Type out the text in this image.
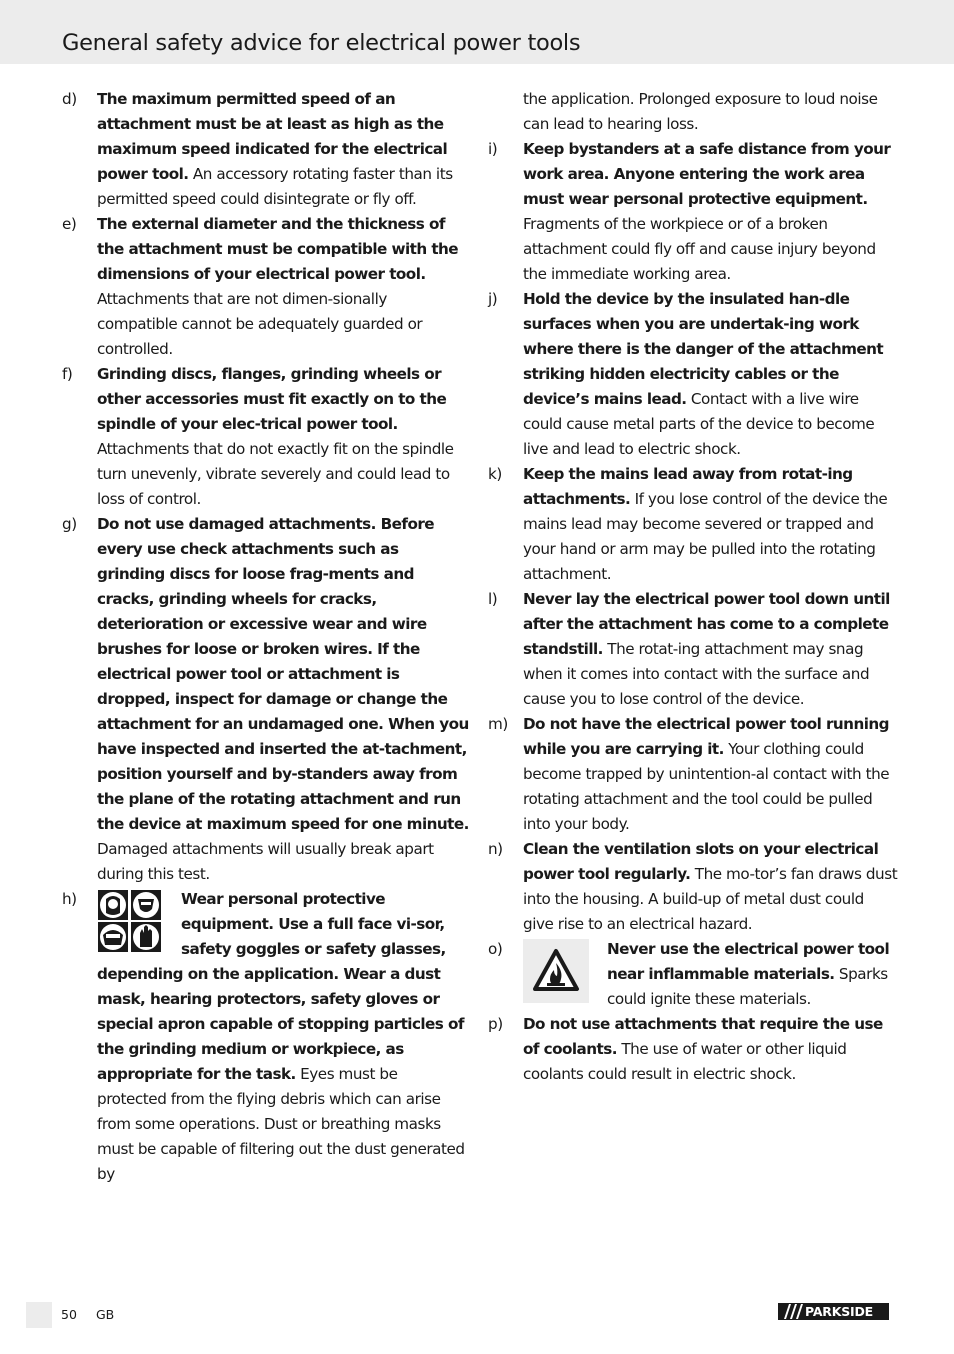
General safety advice for electrical power tools

d) The maximum permitted speed of an attachment must be at least as high as the maximum speed indicated for the electrical power tool. An accessory rotating faster than its permitted speed could disintegrate or fly off.

e) The external diameter and the thickness of the attachment must be compatible with the dimensions of your electrical power tool. Attachments that are not dimen-sionally compatible cannot be adequately guarded or controlled.

f) Grinding discs, flanges, grinding wheels or other accessories must fit exactly on to the spindle of your elec-trical power tool. Attachments that do not exactly fit on the spindle turn unevenly, vibrate severely and could lead to loss of control.

g) Do not use damaged attachments. Before every use check attachments such as grinding discs for loose frag-ments and cracks, grinding wheels for cracks, deterioration or excessive wear and wire brushes for loose or broken wires. If the electrical power tool or attachment is dropped, inspect for damage or change the attachment for an undamaged one. When you have inspected and inserted the at-tachment, position yourself and by-standers away from the plane of the rotating attachment and run the device at maximum speed for one minute. Damaged attachments will usually break apart during this test.

h)	Wear personal protective equipment. Use a full face vi-sor, safety goggles or safety glasses, depending on the application. Wear a dust mask, hearing protectors, safety gloves or special apron capable of stopping particles of the grinding medium or workpiece, as appropriate for the task. Eyes must be protected from the flying debris which can arise from some operations. Dust or breathing masks must be capable of filtering out the dust generated by

the application. Prolonged exposure to loud noise can lead to hearing loss.

i) Keep bystanders at a safe distance from your work area. Anyone entering the work area must wear personal protective equipment. Fragments of the workpiece or of a broken attachment could fly off and cause injury beyond the immediate working area.

j) Hold the device by the insulated han-dle surfaces when you are undertak-ing work where there is the danger of the attachment striking hidden electricity cables or the device’s mains lead. Contact with a live wire could cause metal parts of the device to become live and lead to electric shock.

k) Keep the mains lead away from rotat-ing attachments. If you lose control of the device the mains lead may become severed or trapped and your hand or arm may be pulled into the rotating attachment.

l) Never lay the electrical power tool down until after the attachment has come to a complete standstill. The rotat-ing attachment may snag when it comes into contact with the surface and cause you to lose control of the device.

m) Do not have the electrical power tool running while you are carrying it. Your clothing could become trapped by unintention-al contact with the rotating attachment and the tool could be pulled into your body.

n) Clean the ventilation slots on your electrical power tool regularly. The mo-tor’s fan draws dust into the housing. A build-up of metal dust could give rise to an electrical hazard.

o)	Never use the electrical power tool near inflammable materials. Sparks could ignite these materials.

p) Do not use attachments that require the use of coolants. The use of water or other liquid coolants could result in electric shock.

50 GB	PARKSIDE
